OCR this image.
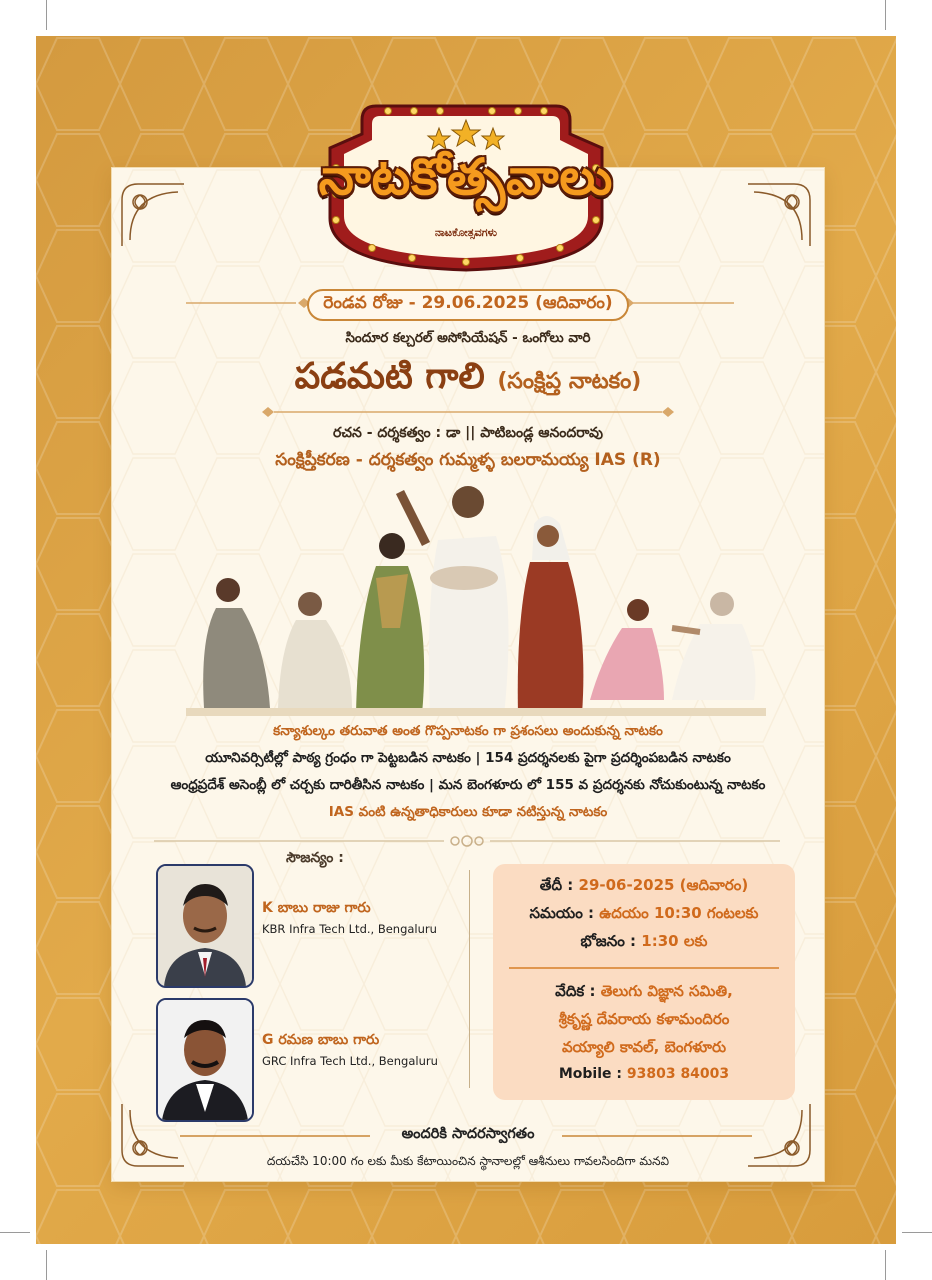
నాటకోత్సవాలు
ನಾಟಕೋತ್ಸವಗಳು
రెండవ రోజు - 29.06.2025 (ఆదివారం)
సిందూర కల్చరల్ అసోసియేషన్ - ఒంగోలు వారి
పడమటి గాలి (సంక్షిప్త నాటకం)
రచన - దర్శకత్వం : డా || పాటిబండ్ల ఆనందరావు
సంక్షిప్తీకరణ - దర్శకత్వం గుమ్మళ్ళ బలరామయ్య IAS (R)
కన్యాశుల్కం తరువాత అంత గొప్పనాటకం గా ప్రశంసలు అందుకున్న నాటకం
యూనివర్సిటీల్లో పాఠ్య గ్రంధం గా పెట్టబడిన నాటకం | 154 ప్రదర్శనలకు పైగా ప్రదర్శింపబడిన నాటకం
ఆంధ్రప్రదేశ్ అసెంబ్లీ లో చర్చకు దారితీసిన నాటకం | మన బెంగళూరు లో 155 వ ప్రదర్శనకు నోచుకుంటున్న నాటకం
IAS వంటి ఉన్నతాధికారులు కూడా నటిస్తున్న నాటకం
సౌజన్యం :
K బాబు రాజు గారు
KBR Infra Tech Ltd., Bengaluru
G రమణ బాబు గారు
GRC Infra Tech Ltd., Bengaluru
తేదీ : 29-06-2025 (ఆదివారం)
సమయం : ఉదయం 10:30 గంటలకు
భోజనం : 1:30 లకు
వేదిక : తెలుగు విజ్ఞాన సమితి,
శ్రీకృష్ణ దేవరాయ కళామందిరం
వయ్యాలి కావల్, బెంగళూరు
Mobile : 93803 84003
అందరికి సాదరస్వాగతం
దయచేసి 10:00 గం లకు మీకు కేటాయించిన స్థానాలల్లో ఆశీనులు గావలసిందిగా మనవి
